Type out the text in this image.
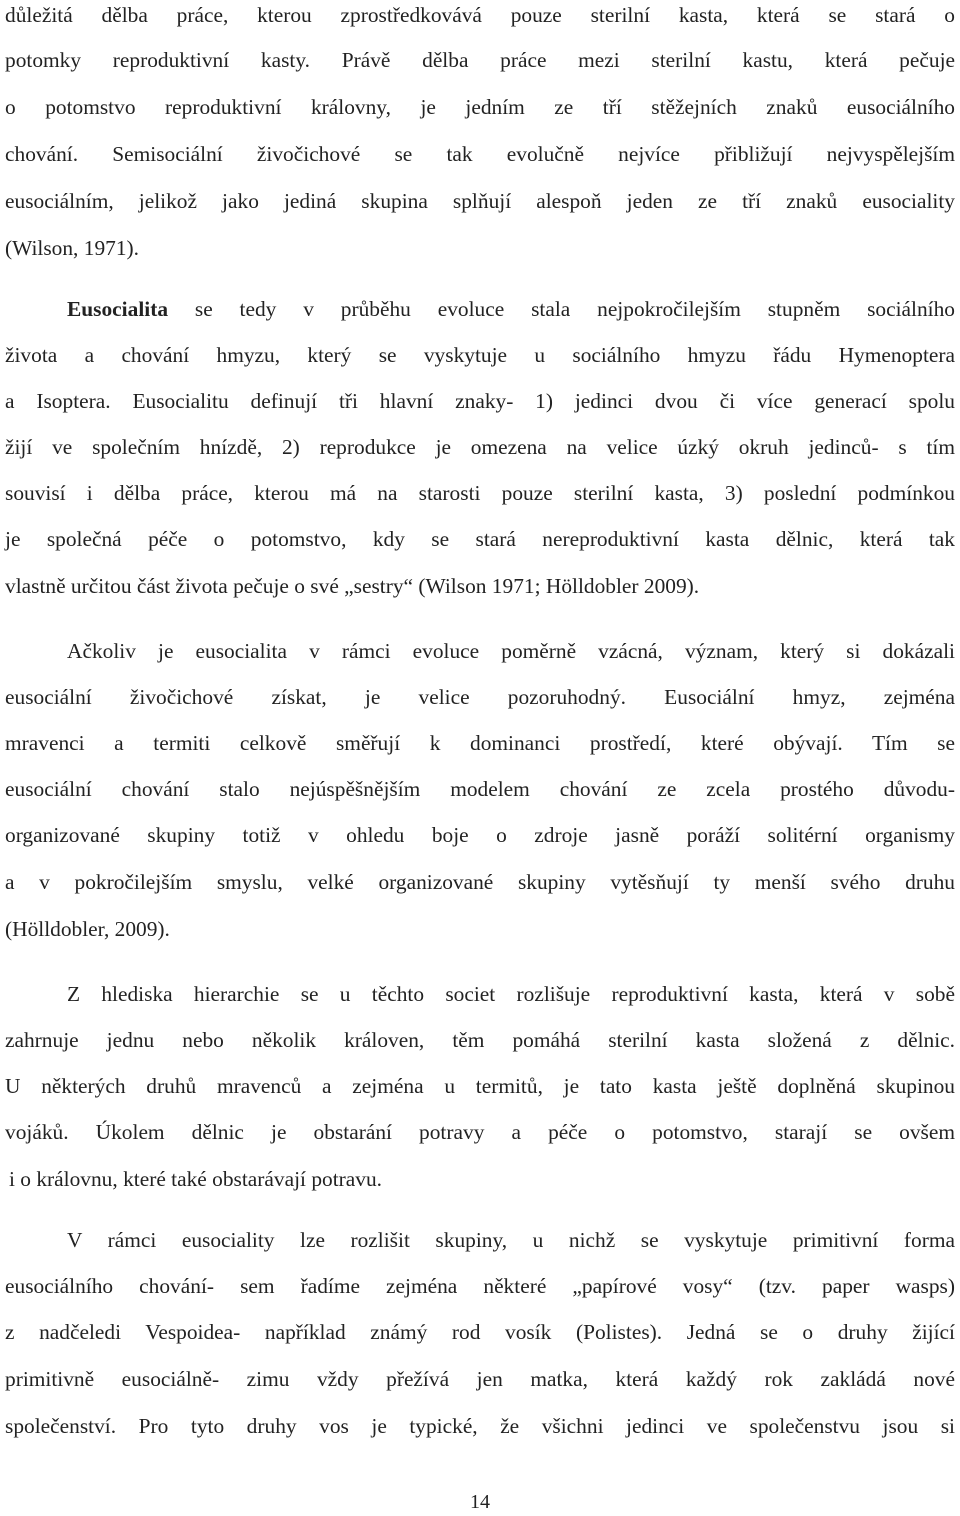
důležitá dělba práce, kterou zprostředkovává pouze sterilní kasta, která se stará o
potomky reproduktivní kasty. Právě dělba práce mezi sterilní kastu, která pečuje
o potomstvo reproduktivní královny, je jedním ze tří stěžejních znaků eusociálního
chování. Semisociální živočichové se tak evolučně nejvíce přibližují nejvyspělejším
eusociálním, jelikož jako jediná skupina splňují alespoň jeden ze tří znaků eusociality
(Wilson, 1971).
Eusocialita se tedy v průběhu evoluce stala nejpokročilejším stupněm sociálního
života a chování hmyzu, který se vyskytuje u sociálního hmyzu řádu Hymenoptera
a Isoptera. Eusocialitu definují tři hlavní znaky- 1) jedinci dvou či více generací spolu
žijí ve společním hnízdě, 2) reprodukce je omezena na velice úzký okruh jedinců- s tím
souvisí i dělba práce, kterou má na starosti pouze sterilní kasta, 3) poslední podmínkou
je společná péče o potomstvo, kdy se stará nereproduktivní kasta dělnic, která tak
vlastně určitou část života pečuje o své „sestry“ (Wilson 1971; Hölldobler 2009).
Ačkoliv je eusocialita v rámci evoluce poměrně vzácná, význam, který si dokázali
eusociální živočichové získat, je velice pozoruhodný. Eusociální hmyz, zejména
mravenci a termiti celkově směřují k dominanci prostředí, které obývají. Tím se
eusociální chování stalo nejúspěšnějším modelem chování ze zcela prostého důvodu-
organizované skupiny totiž v ohledu boje o zdroje jasně poráží solitérní organismy
a v pokročilejším smyslu, velké organizované skupiny vytěsňují ty menší svého druhu
(Hölldobler, 2009).
Z hlediska hierarchie se u těchto societ rozlišuje reproduktivní kasta, která v sobě
zahrnuje jednu nebo několik královen, těm pomáhá sterilní kasta složená z dělnic.
U některých druhů mravenců a zejména u termitů, je tato kasta ještě doplněná skupinou
vojáků. Úkolem dělnic je obstarání potravy a péče o potomstvo, starají se ovšem
i o královnu, které také obstarávají potravu.
V rámci eusociality lze rozlišit skupiny, u nichž se vyskytuje primitivní forma
eusociálního chování- sem řadíme zejména některé „papírové vosy“ (tzv. paper wasps)
z nadčeledi Vespoidea- například známý rod vosík (Polistes). Jedná se o druhy žijící
primitivně eusociálně- zimu vždy přežívá jen matka, která každý rok zakládá nové
společenství. Pro tyto druhy vos je typické, že všichni jedinci ve společenstvu jsou si
14
